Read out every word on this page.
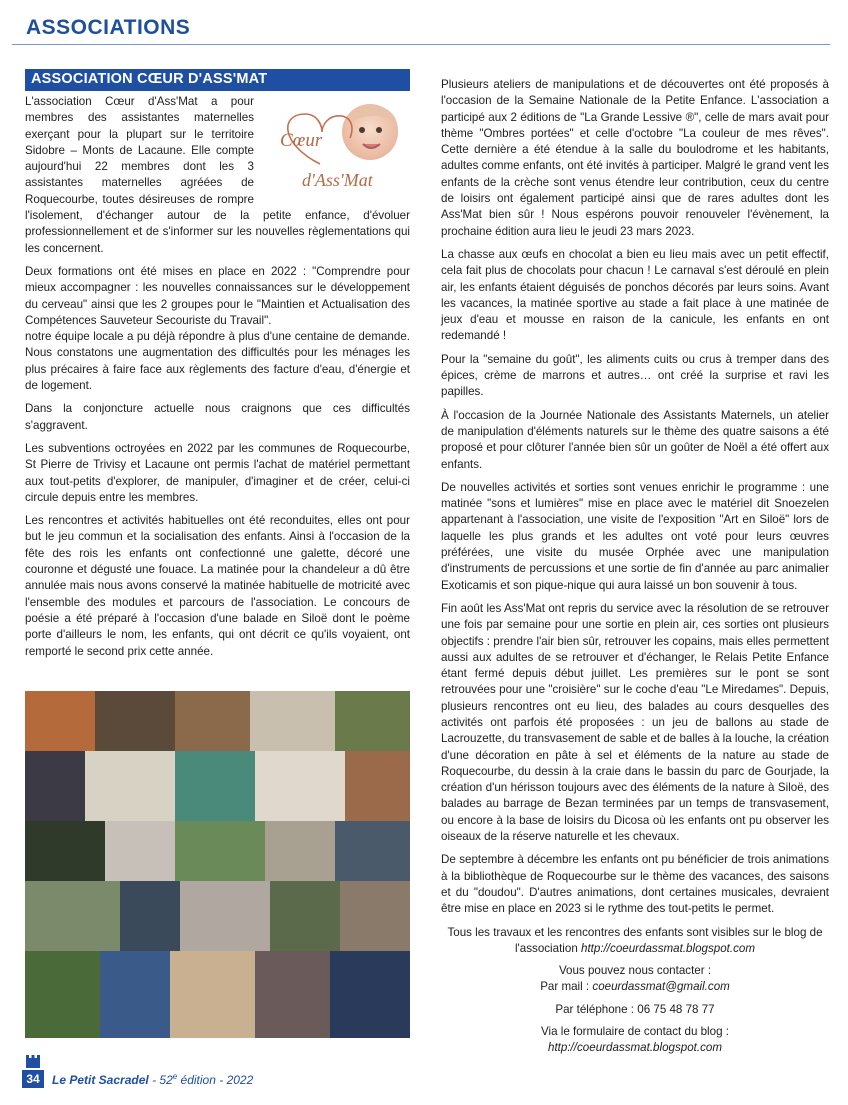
ASSOCIATIONS
ASSOCIATION CŒUR D'ASS'MAT
Cœur
d'Ass'Mat

L'association Cœur d'Ass'Mat a pour membres des assistantes maternelles exerçant pour la plupart sur le territoire Sidobre – Monts de Lacaune. Elle compte aujourd'hui 22 membres dont les 3 assistantes maternelles agréées de Roquecourbe, toutes désireuses de rompre l'isolement, d'échanger autour de la petite enfance, d'évoluer professionnellement et de s'informer sur les nouvelles règlementations qui les concernent.

Deux formations ont été mises en place en 2022 : "Comprendre pour mieux accompagner : les nouvelles connaissances sur le développement du cerveau" ainsi que les 2 groupes pour le "Maintien et Actualisation des Compétences Sauveteur Secouriste du Travail".

notre équipe locale a pu déjà répondre à plus d'une centaine de demande. Nous constatons une augmentation des difficultés pour les ménages les plus précaires à faire face aux règlements des facture d'eau, d'énergie et de logement.

Dans la conjoncture actuelle nous craignons que ces difficultés s'aggravent.

Les subventions octroyées en 2022 par les communes de Roquecourbe, St Pierre de Trivisy et Lacaune ont permis l'achat de matériel permettant aux tout-petits d'explorer, de manipuler, d'imaginer et de créer, celui-ci circule depuis entre les membres.

Les rencontres et activités habituelles ont été reconduites, elles ont pour but le jeu commun et la socialisation des enfants. Ainsi à l'occasion de la fête des rois les enfants ont confectionné une galette, décoré une couronne et dégusté une fouace. La matinée pour la chandeleur a dû être annulée mais nous avons conservé la matinée habituelle de motricité avec l'ensemble des modules et parcours de l'association. Le concours de poésie a été préparé à l'occasion d'une balade en Siloë dont le poème porte d'ailleurs le nom, les enfants, qui ont décrit ce qu'ils voyaient, ont remporté le second prix cette année.

Plusieurs ateliers de manipulations et de découvertes ont été proposés à l'occasion de la Semaine Nationale de la Petite Enfance. L'association a participé aux 2 éditions de "La Grande Lessive ®", celle de mars avait pour thème "Ombres portées" et celle d'octobre "La couleur de mes rêves". Cette dernière a été étendue à la salle du boulodrome et les habitants, adultes comme enfants, ont été invités à participer. Malgré le grand vent les enfants de la crèche sont venus étendre leur contribution, ceux du centre de loisirs ont également participé ainsi que de rares adultes dont les Ass'Mat bien sûr ! Nous espérons pouvoir renouveler l'évènement, la prochaine édition aura lieu le jeudi 23 mars 2023.

La chasse aux œufs en chocolat a bien eu lieu mais avec un petit effectif, cela fait plus de chocolats pour chacun ! Le carnaval s'est déroulé en plein air, les enfants étaient déguisés de ponchos décorés par leurs soins. Avant les vacances, la matinée sportive au stade a fait place à une matinée de jeux d'eau et mousse en raison de la canicule, les enfants en ont redemandé !

Pour la "semaine du goût", les aliments cuits ou crus à tremper dans des épices, crème de marrons et autres… ont créé la surprise et ravi les papilles.

À l'occasion de la Journée Nationale des Assistants Maternels, un atelier de manipulation d'éléments naturels sur le thème des quatre saisons a été proposé et pour clôturer l'année bien sûr un goûter de Noël a été offert aux enfants.

De nouvelles activités et sorties sont venues enrichir le programme : une matinée "sons et lumières" mise en place avec le matériel dit Snoezelen appartenant à l'association, une visite de l'exposition "Art en Siloë" lors de laquelle les plus grands et les adultes ont voté pour leurs œuvres préférées, une visite du musée Orphée avec une manipulation d'instruments de percussions et une sortie de fin d'année au parc animalier Exoticamis et son pique-nique qui aura laissé un bon souvenir à tous.

Fin août les Ass'Mat ont repris du service avec la résolution de se retrouver une fois par semaine pour une sortie en plein air, ces sorties ont plusieurs objectifs : prendre l'air bien sûr, retrouver les copains, mais elles permettent aussi aux adultes de se retrouver et d'échanger, le Relais Petite Enfance étant fermé depuis début juillet. Les premières sur le pont se sont retrouvées pour une "croisière" sur le coche d'eau "Le Miredames". Depuis, plusieurs rencontres ont eu lieu, des balades au cours desquelles des activités ont parfois été proposées : un jeu de ballons au stade de Lacrouzette, du transvasement de sable et de balles à la louche, la création d'une décoration en pâte à sel et éléments de la nature au stade de Roquecourbe, du dessin à la craie dans le bassin du parc de Gourjade, la création d'un hérisson toujours avec des éléments de la nature à Siloë, des balades au barrage de Bezan terminées par un temps de transvasement, ou encore à la base de loisirs du Dicosa où les enfants ont pu observer les oiseaux de la réserve naturelle et les chevaux.

De septembre à décembre les enfants ont pu bénéficier de trois animations à la bibliothèque de Roquecourbe sur le thème des vacances, des saisons et du "doudou". D'autres animations, dont certaines musicales, devraient être mise en place en 2023 si le rythme des tout-petits le permet.

Tous les travaux et les rencontres des enfants sont visibles sur le blog de l'association http://coeurdassmat.blogspot.com
Vous pouvez nous contacter :
Par mail : coeurdassmat@gmail.com
Par téléphone : 06 75 48 78 77
Via le formulaire de contact du blog :
http://coeurdassmat.blogspot.com
34	Le Petit Sacradel - 52e édition - 2022
